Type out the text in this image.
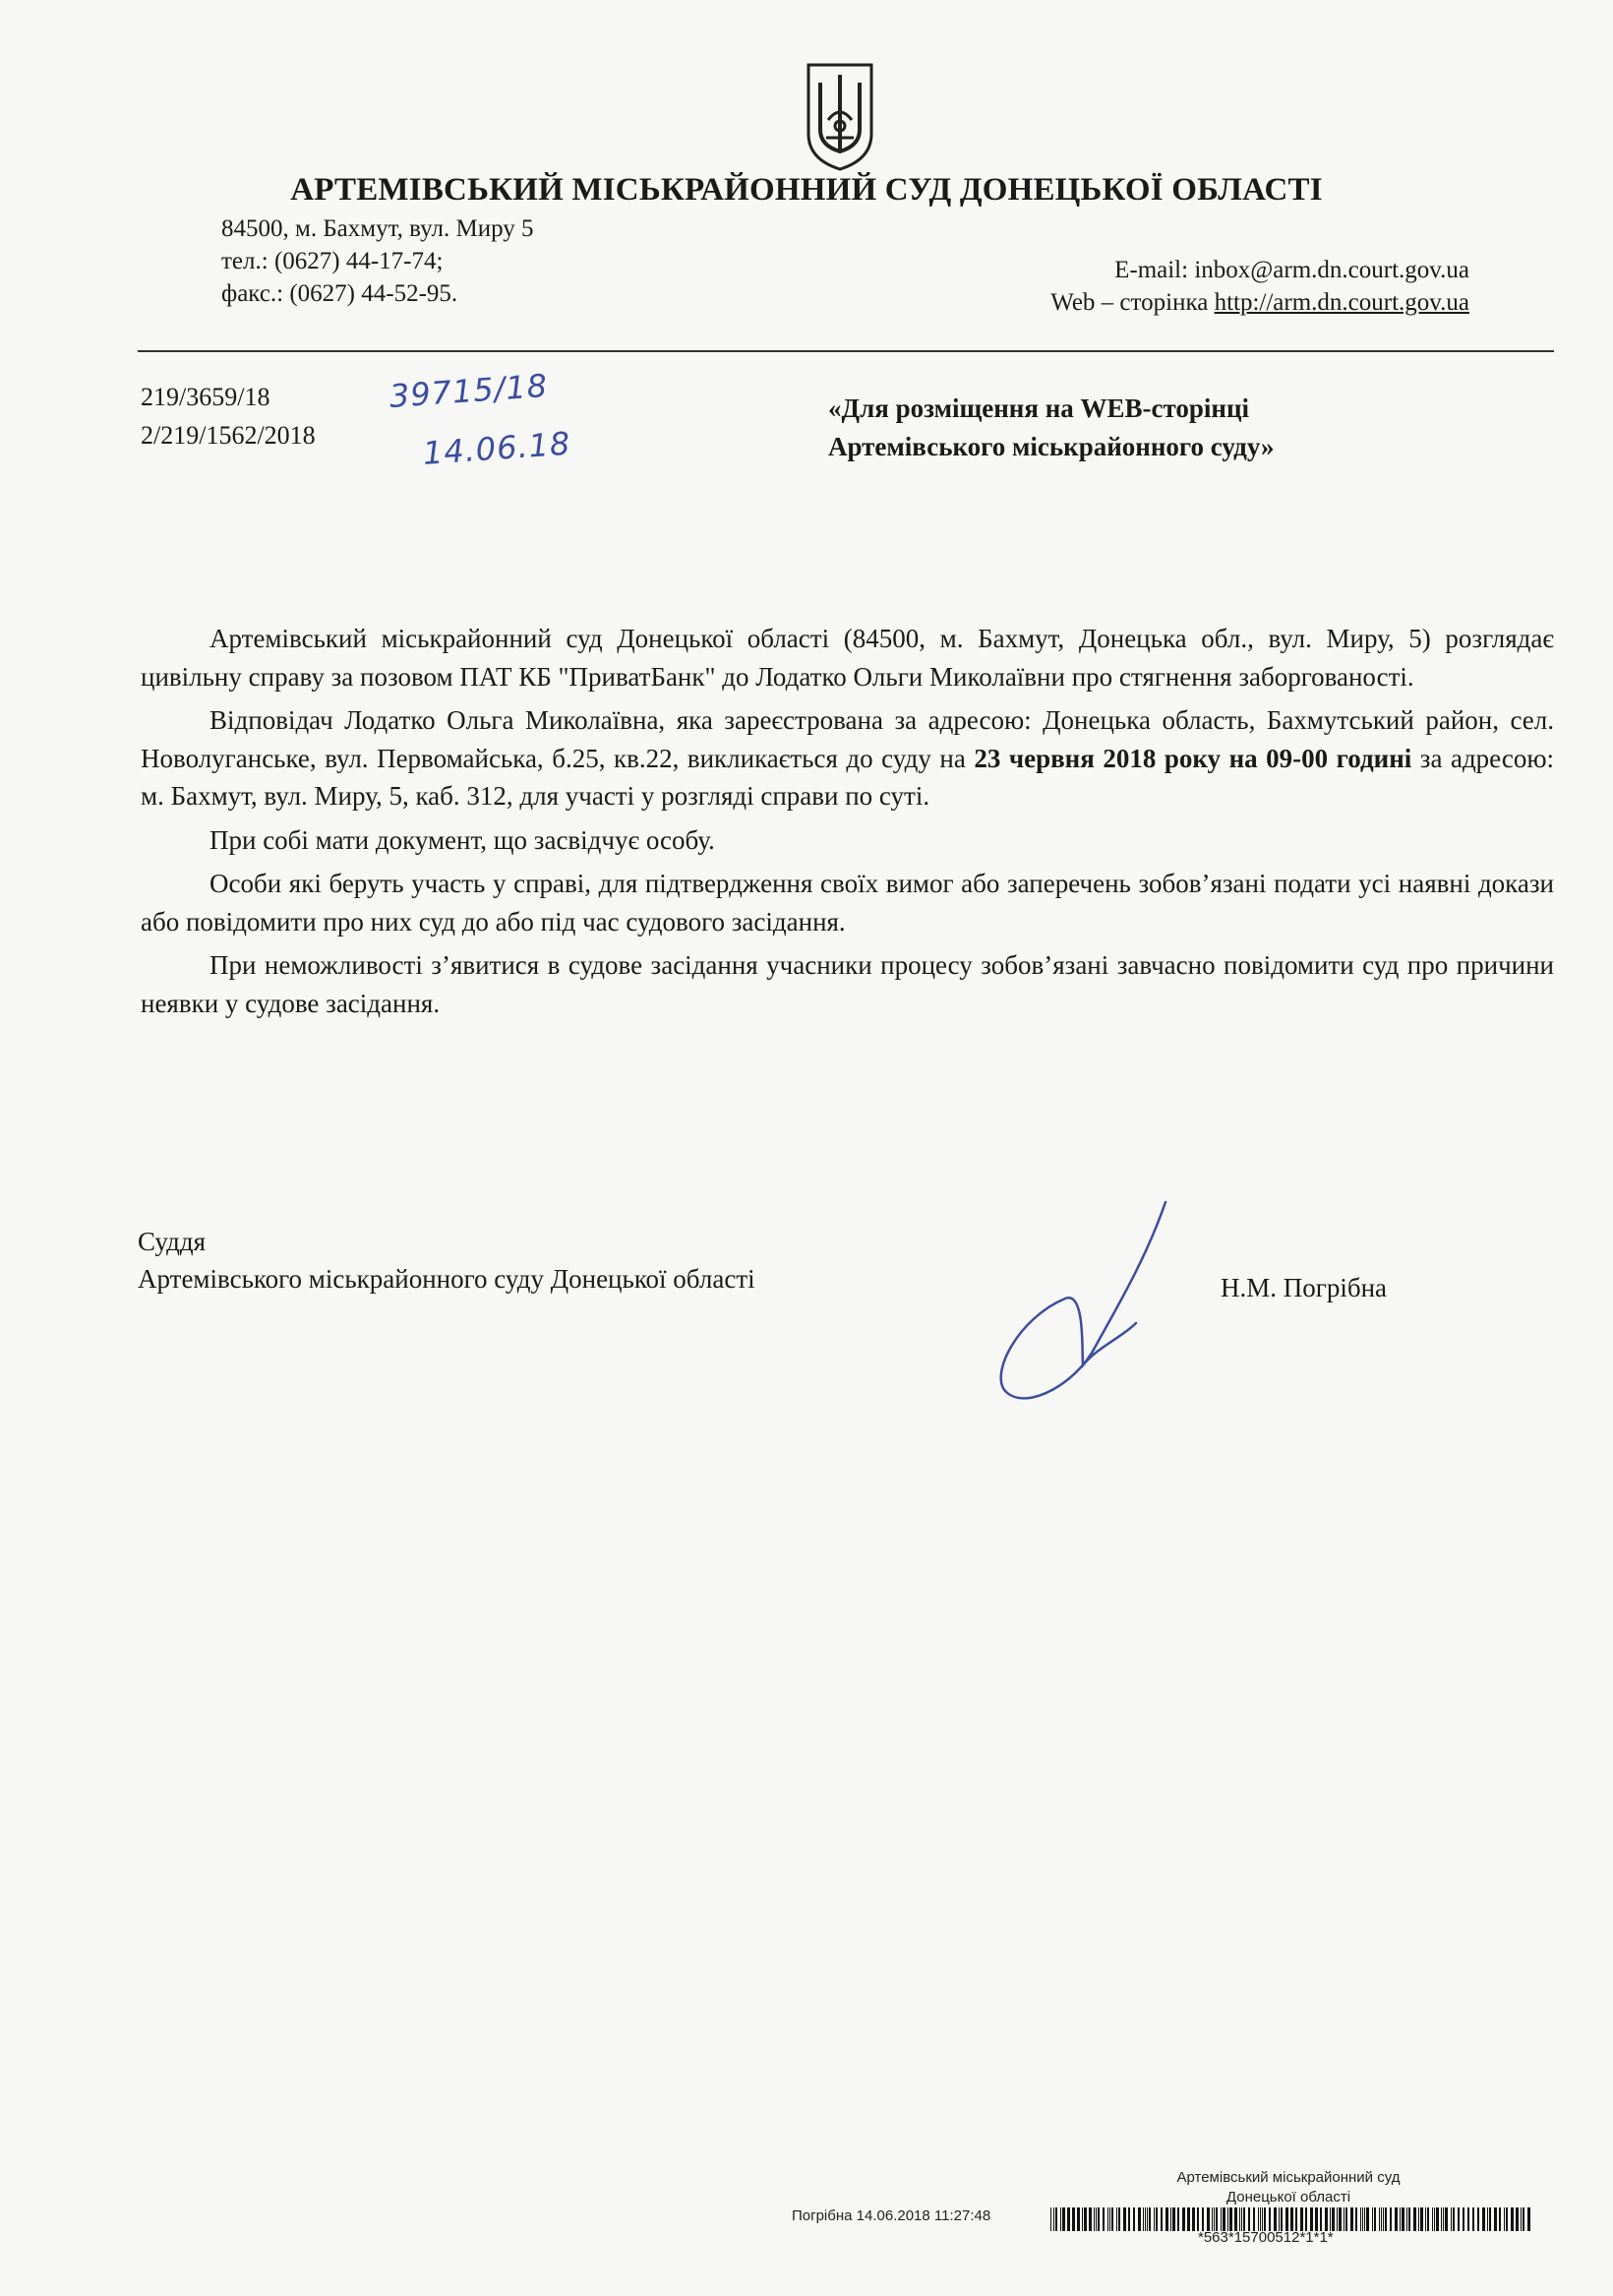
АРТЕМІВСЬКИЙ МІСЬКРАЙОННИЙ СУД ДОНЕЦЬКОЇ ОБЛАСТІ
84500, м. Бахмут, вул. Миру 5
тел.: (0627) 44-17-74;
факс.: (0627) 44-52-95.
E-mail: inbox@arm.dn.court.gov.ua
Web – сторінка http://arm.dn.court.gov.ua
219/3659/18
2/219/1562/2018
39715/18
14.06.18
«Для розміщення на WEB-сторінці
Артемівського міськрайонного суду»

Артемівський міськрайонний суд Донецької області (84500, м. Бахмут, Донецька обл., вул. Миру, 5) розглядає цивільну справу за позовом ПАТ КБ "ПриватБанк" до Лодатко Ольги Миколаївни про стягнення заборгованості.

Відповідач Лодатко Ольга Миколаївна, яка зареєстрована за адресою: Донецька область, Бахмутський район, сел. Новолуганське, вул. Первомайська, б.25, кв.22, викликається до суду на 23 червня 2018 року на 09-00 годині за адресою: м. Бахмут, вул. Миру, 5, каб. 312, для участі у розгляді справи по суті.

При собі мати документ, що засвідчує особу.

Особи які беруть участь у справі, для підтвердження своїх вимог або заперечень зобов’язані подати усі наявні докази або повідомити про них суд до або під час судового засідання.

При неможливості з’явитися в судове засідання учасники процесу зобов’язані завчасно повідомити суд про причини неявки у судове засідання.

Суддя
Артемівського міськрайонного суду Донецької області	Н.М. Погрібна
Артемівський міськрайонний суд
Донецької області
Погрібна 14.06.2018 11:27:48
*563*15700512*1*1*
